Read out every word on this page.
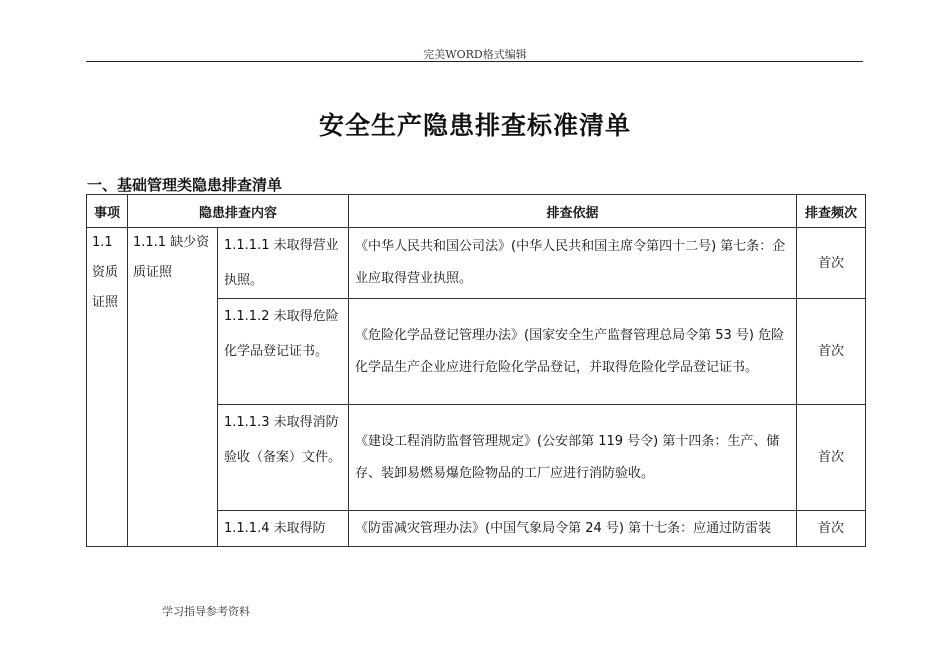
完美WORD格式编辑
安全生产隐患排查标准清单
一、基础管理类隐患排查清单
事项	隐患排查内容		排查依据	排查频次
1.1 资质证照	1.1.1 缺少资质证照	1.1.1.1 未取得营业执照。	《中华人民共和国公司法》(中华人民共和国主席令第四十二号) 第七条：企业应取得营业执照。	首次
		1.1.1.2 未取得危险化学品登记证书。	《危险化学品登记管理办法》(国家安全生产监督管理总局令第 53 号) 危险化学品生产企业应进行危险化学品登记，并取得危险化学品登记证书。	首次
		1.1.1.3 未取得消防验收（备案）文件。	《建设工程消防监督管理规定》(公安部第 119 号令) 第十四条：生产、储存、装卸易燃易爆危险物品的工厂应进行消防验收。	首次
		1.1.1.4 未取得防	《防雷减灾管理办法》(中国气象局令第 24 号) 第十七条：应通过防雷装	首次
学习指导参考资料
